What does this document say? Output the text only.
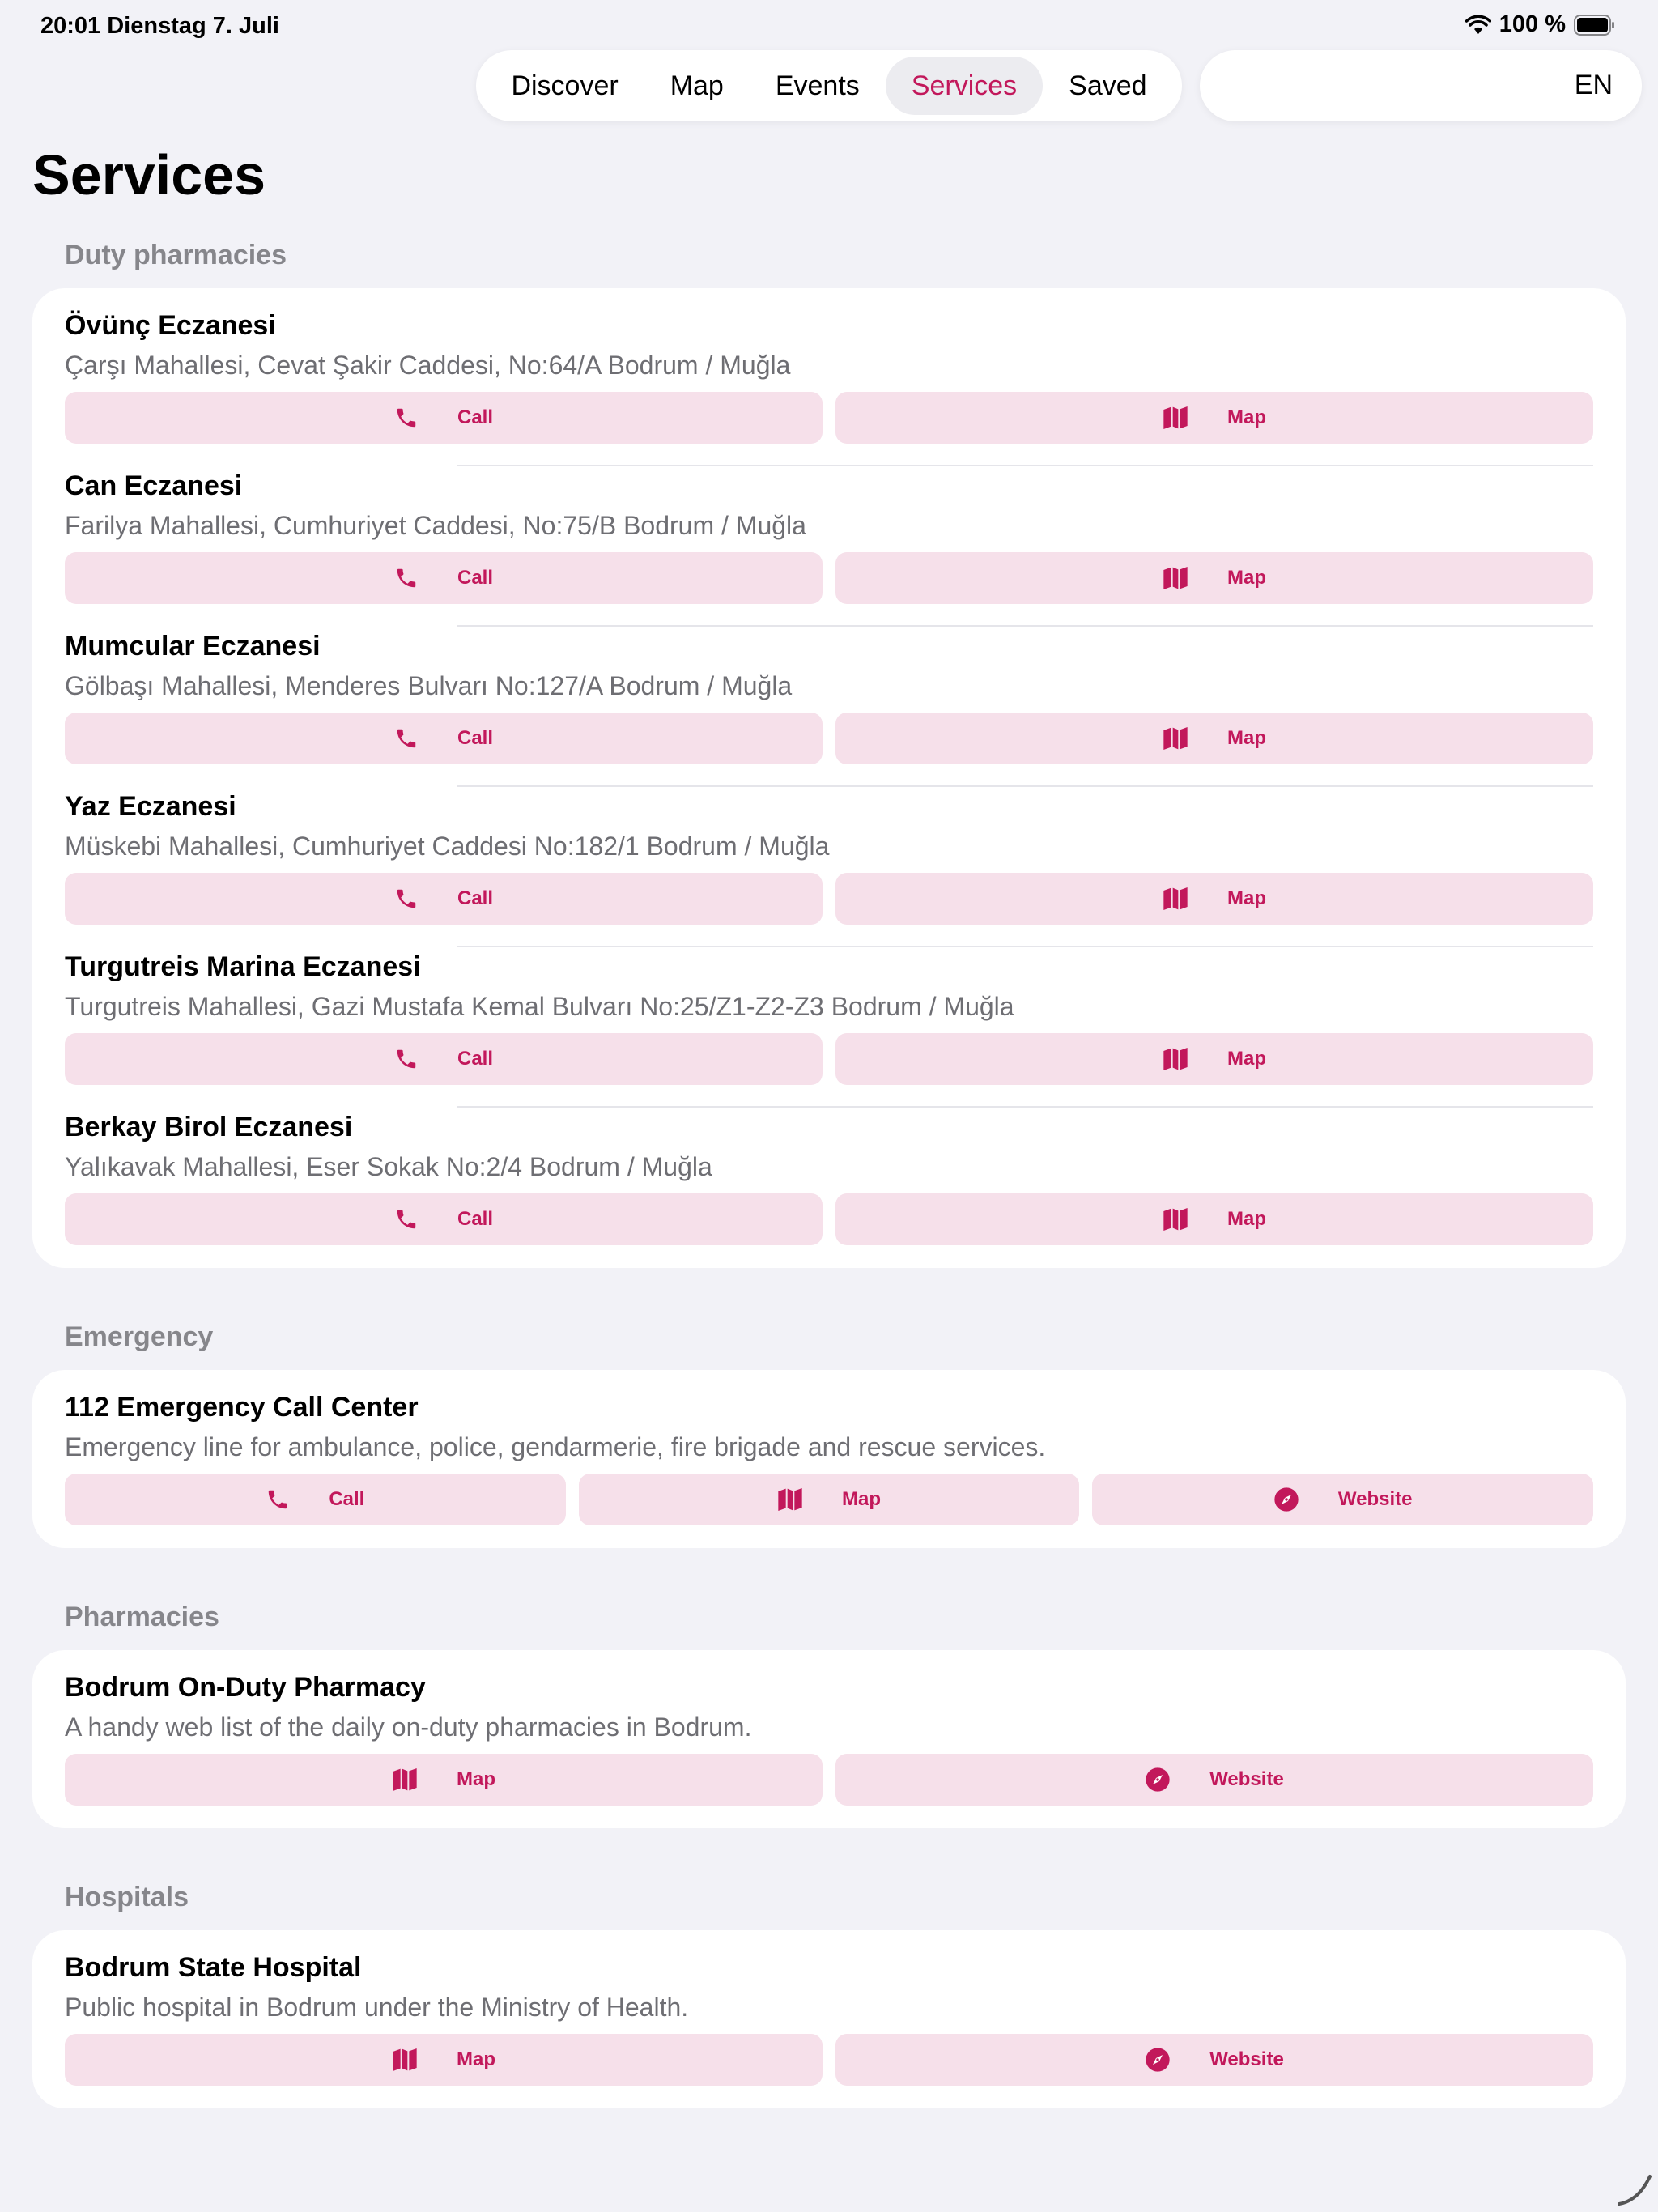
20:01 Dienstag 7. Juli	100 %
Discover	Map	Events	Services	Saved	EN
Services
Duty pharmacies
Övünç Eczanesi
Çarşı Mahallesi, Cevat Şakir Caddesi, No:64/A Bodrum / Muğla
Call	Map
Can Eczanesi
Farilya Mahallesi, Cumhuriyet Caddesi, No:75/B Bodrum / Muğla
Call	Map
Mumcular Eczanesi
Gölbaşı Mahallesi, Menderes Bulvarı No:127/A Bodrum / Muğla
Call	Map
Yaz Eczanesi
Müskebi Mahallesi, Cumhuriyet Caddesi No:182/1 Bodrum / Muğla
Call	Map
Turgutreis Marina Eczanesi
Turgutreis Mahallesi, Gazi Mustafa Kemal Bulvarı No:25/Z1-Z2-Z3 Bodrum / Muğla
Call	Map
Berkay Birol Eczanesi
Yalıkavak Mahallesi, Eser Sokak No:2/4 Bodrum / Muğla
Call	Map
Emergency
112 Emergency Call Center
Emergency line for ambulance, police, gendarmerie, fire brigade and rescue services.
Call	Map	Website
Pharmacies
Bodrum On-Duty Pharmacy
A handy web list of the daily on-duty pharmacies in Bodrum.
Map	Website
Hospitals
Bodrum State Hospital
Public hospital in Bodrum under the Ministry of Health.
Map	Website
